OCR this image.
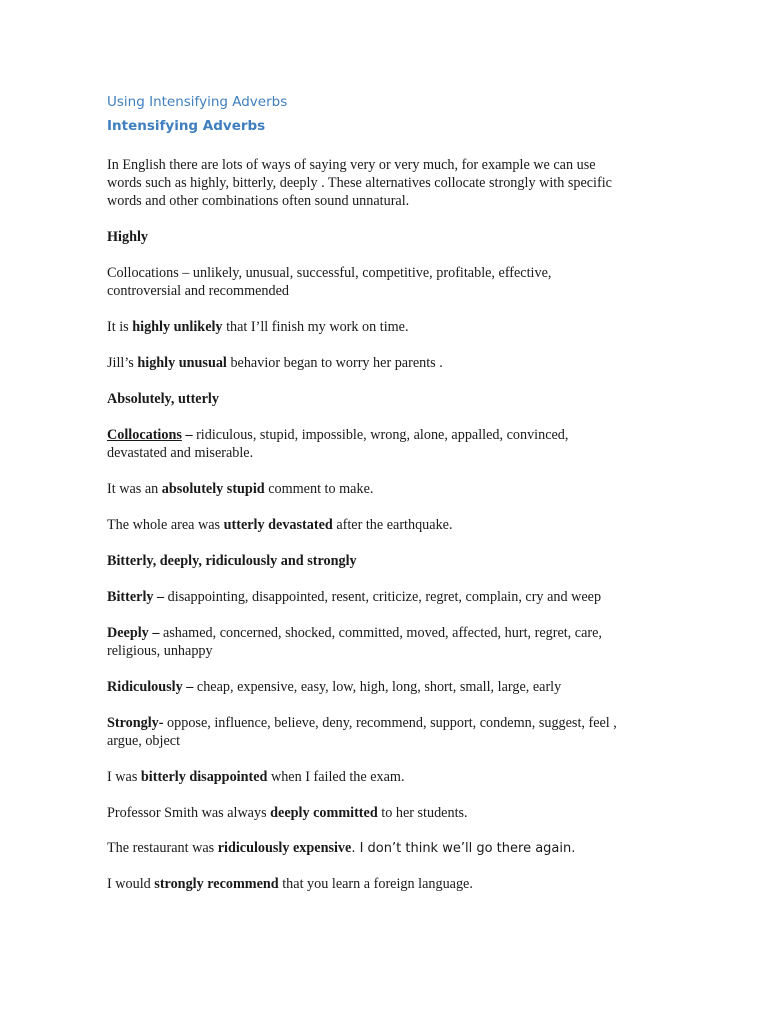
Using Intensifying Adverbs
Intensifying Adverbs
In English there are lots of ways of saying very or very much, for example we can use
words such as highly, bitterly, deeply . These alternatives collocate strongly with specific
words and other combinations often sound unnatural.
Highly
Collocations – unlikely, unusual, successful, competitive, profitable, effective,
controversial and recommended
It is highly unlikely that I’ll finish my work on time.
Jill’s highly unusual behavior began to worry her parents .
Absolutely, utterly
Collocations – ridiculous, stupid, impossible, wrong, alone, appalled, convinced,
devastated and miserable.
It was an absolutely stupid comment to make.
The whole area was utterly devastated after the earthquake.
Bitterly, deeply, ridiculously and strongly
Bitterly – disappointing, disappointed, resent, criticize, regret, complain, cry and weep
Deeply – ashamed, concerned, shocked, committed, moved, affected, hurt, regret, care,
religious, unhappy
Ridiculously – cheap, expensive, easy, low, high, long, short, small, large, early
Strongly- oppose, influence, believe, deny, recommend, support, condemn, suggest, feel ,
argue, object
I was bitterly disappointed when I failed the exam.
Professor Smith was always deeply committed to her students.
The restaurant was ridiculously expensive. I don’t think we’ll go there again.
I would strongly recommend that you learn a foreign language.
